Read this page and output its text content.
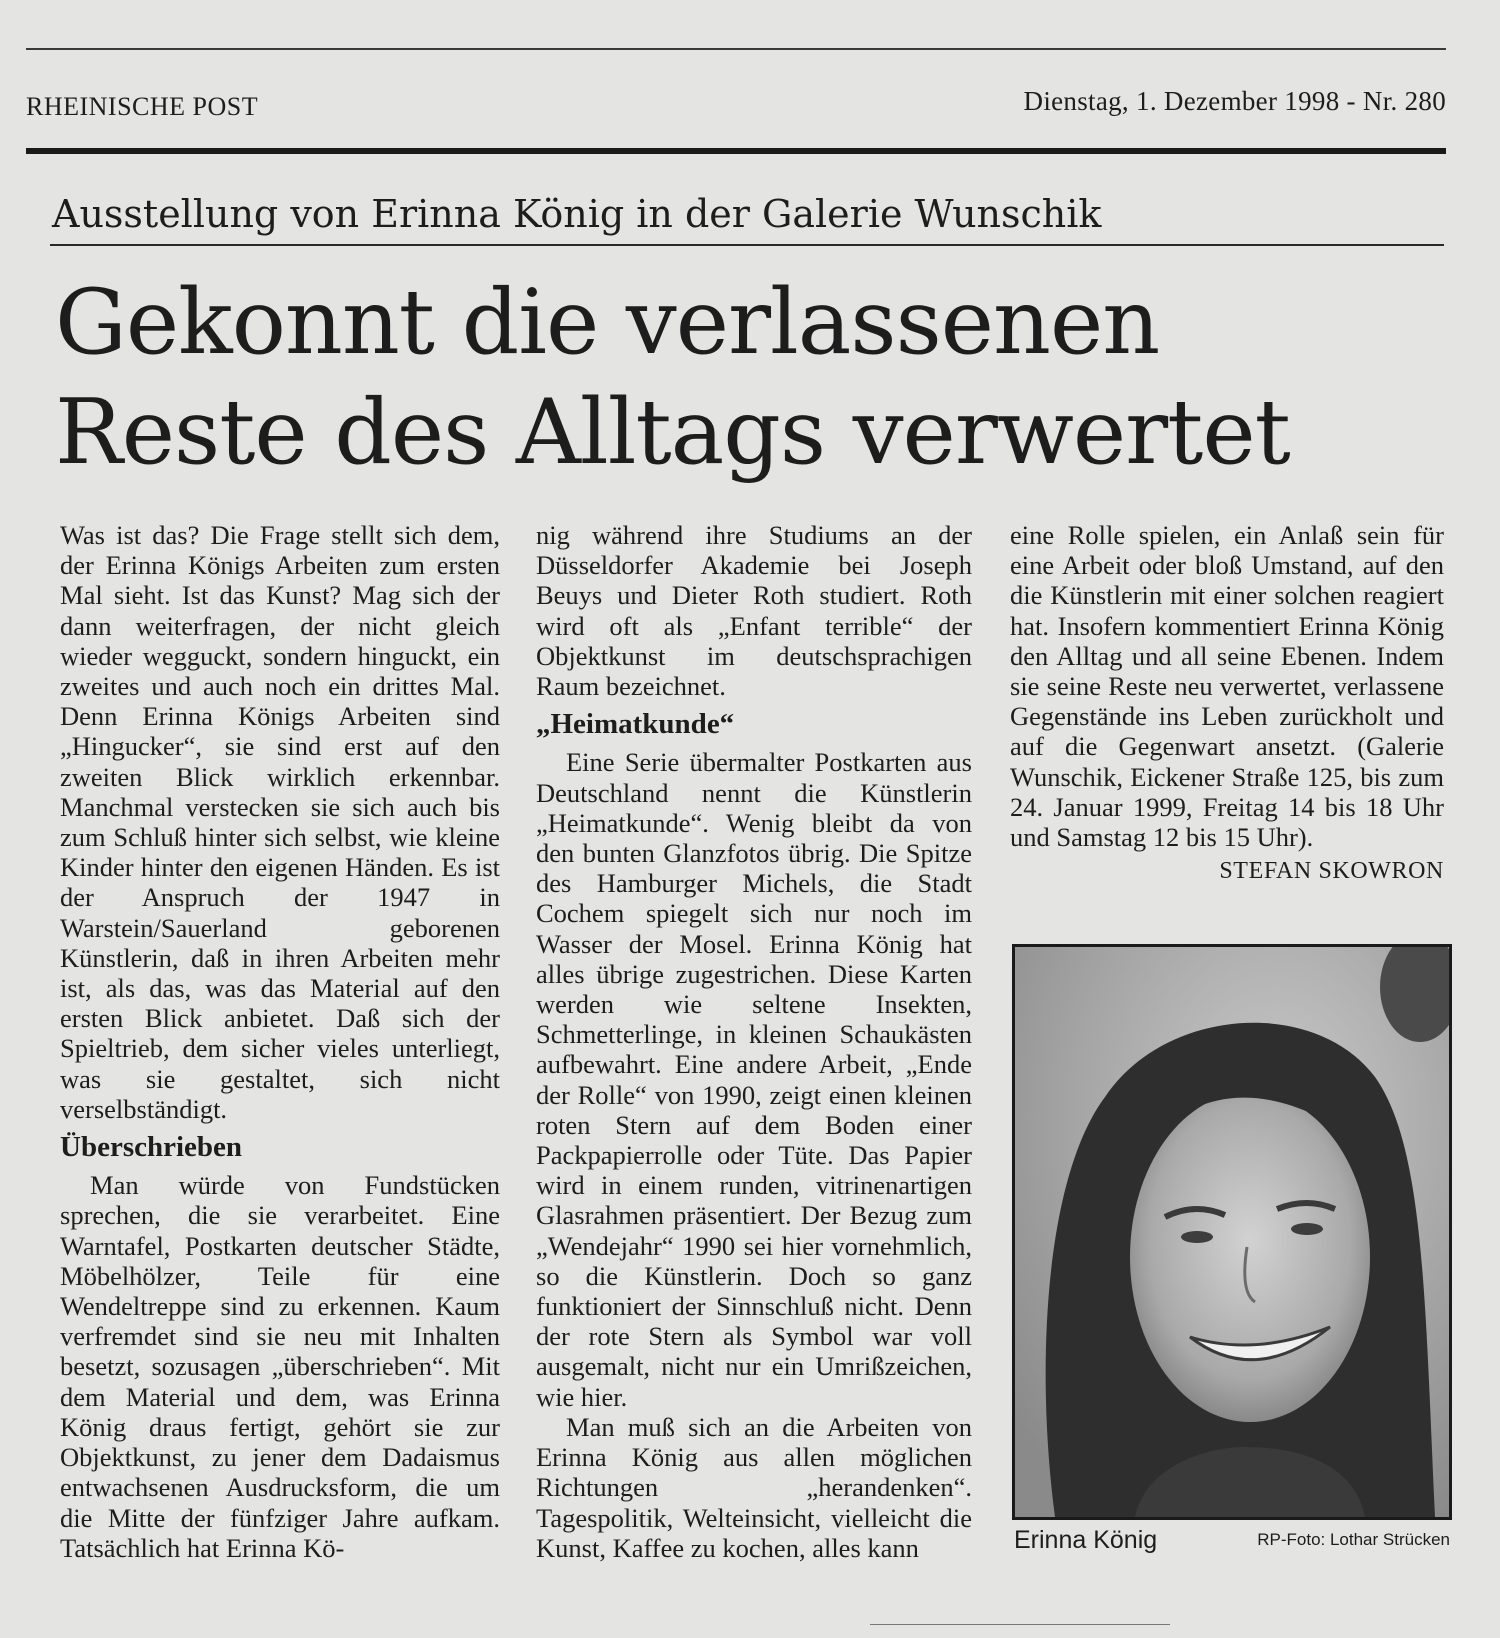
RHEINISCHE POST	Dienstag, 1. Dezember 1998 - Nr. 280
Ausstellung von Erinna König in der Galerie Wunschik
Gekonnt die verlassenen
Reste des Alltags verwertet

Was ist das? Die Frage stellt sich dem, der Erinna Königs Arbeiten zum ersten Mal sieht. Ist das Kunst? Mag sich der dann weiterfragen, der nicht gleich wieder wegguckt, sondern hinguckt, ein zweites und auch noch ein drittes Mal. Denn Erinna Königs Arbeiten sind „Hingucker“, sie sind erst auf den zweiten Blick wirklich erkennbar. Manchmal verstecken sie sich auch bis zum Schluß hinter sich selbst, wie kleine Kinder hinter den eigenen Händen. Es ist der Anspruch der 1947 in Warstein/Sauerland geborenen Künstlerin, daß in ihren Arbeiten mehr ist, als das, was das Material auf den ersten Blick anbietet. Daß sich der Spieltrieb, dem sicher vieles unterliegt, was sie gestaltet, sich nicht verselbständigt.

Überschrieben

Man würde von Fundstücken sprechen, die sie verarbeitet. Eine Warntafel, Postkarten deutscher Städte, Möbelhölzer, Teile für eine Wendeltreppe sind zu erkennen. Kaum verfremdet sind sie neu mit Inhalten besetzt, sozusagen „überschrieben“. Mit dem Material und dem, was Erinna König draus fertigt, gehört sie zur Objektkunst, zu jener dem Dadaismus entwachsenen Ausdrucksform, die um die Mitte der fünfziger Jahre aufkam. Tatsächlich hat Erinna Kö-

nig während ihre Studiums an der Düsseldorfer Akademie bei Joseph Beuys und Dieter Roth studiert. Roth wird oft als „Enfant terrible“ der Objektkunst im deutschsprachigen Raum bezeichnet.

„Heimatkunde“

Eine Serie übermalter Postkarten aus Deutschland nennt die Künstlerin „Heimatkunde“. Wenig bleibt da von den bunten Glanzfotos übrig. Die Spitze des Hamburger Michels, die Stadt Cochem spiegelt sich nur noch im Wasser der Mosel. Erinna König hat alles übrige zugestrichen. Diese Karten werden wie seltene Insekten, Schmetterlinge, in kleinen Schaukästen aufbewahrt. Eine andere Arbeit, „Ende der Rolle“ von 1990, zeigt einen kleinen roten Stern auf dem Boden einer Packpapierrolle oder Tüte. Das Papier wird in einem runden, vitrinenartigen Glasrahmen präsentiert. Der Bezug zum „Wendejahr“ 1990 sei hier vornehmlich, so die Künstlerin. Doch so ganz funktioniert der Sinnschluß nicht. Denn der rote Stern als Symbol war voll ausgemalt, nicht nur ein Umrißzeichen, wie hier.

Man muß sich an die Arbeiten von Erinna König aus allen möglichen Richtungen „herandenken“. Tagespolitik, Welteinsicht, vielleicht die Kunst, Kaffee zu kochen, alles kann

eine Rolle spielen, ein Anlaß sein für eine Arbeit oder bloß Umstand, auf den die Künstlerin mit einer solchen reagiert hat. Insofern kommentiert Erinna König den Alltag und all seine Ebenen. Indem sie seine Reste neu verwertet, verlassene Gegenstände ins Leben zurückholt und auf die Gegenwart ansetzt. (Galerie Wunschik, Eickener Straße 125, bis zum 24. Januar 1999, Freitag 14 bis 18 Uhr und Samstag 12 bis 15 Uhr).

STEFAN SKOWRON
Erinna König	RP-Foto: Lothar Strücken
